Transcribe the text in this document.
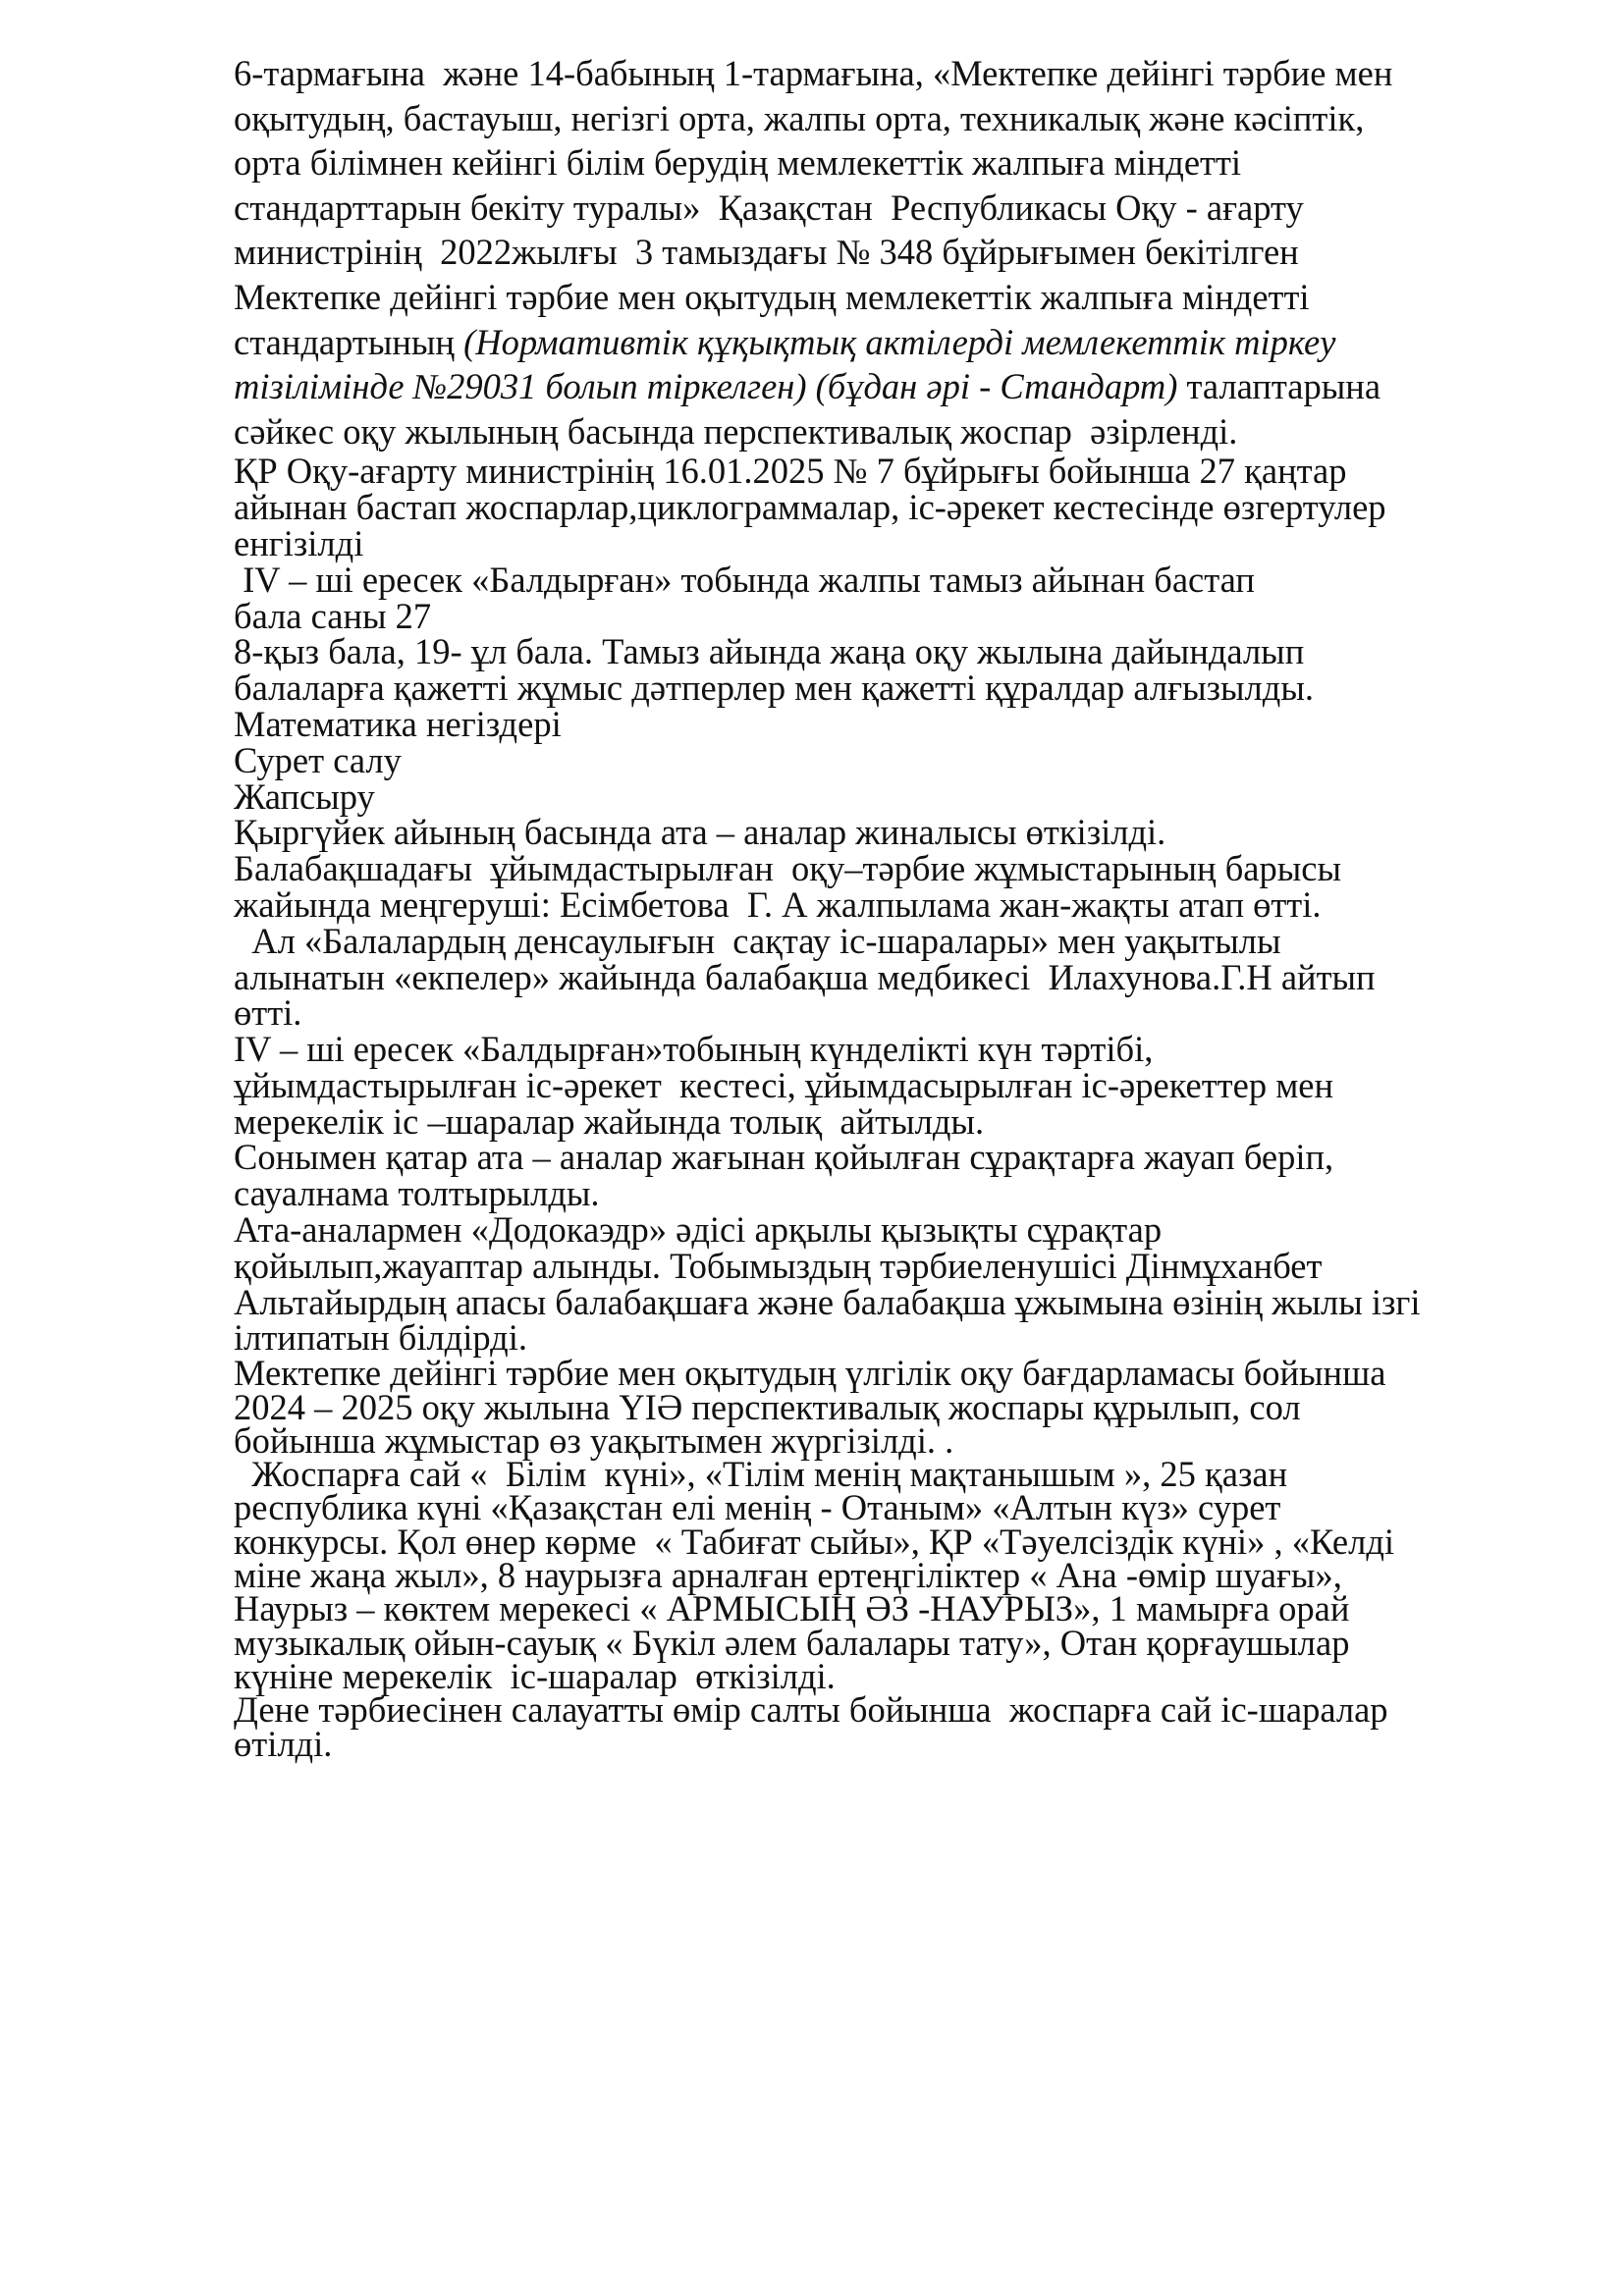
6-тармағына  және 14-бабының 1-тармағына, «Мектепке дейінгі тәрбие мен
оқытудың, бастауыш, негізгі орта, жалпы орта, техникалық және кәсіптік,
орта білімнен кейінгі білім берудің мемлекеттік жалпыға міндетті
стандарттарын бекіту туралы»  Қазақстан  Республикасы Оқу - ағарту
министрінің  2022жылғы  3 тамыздағы № 348 бұйрығымен бекітілген
Мектепке дейінгі тәрбие мен оқытудың мемлекеттік жалпыға міндетті
стандартының (Нормативтік құқықтық актілерді мемлекеттік тіркеу
тізілімінде №29031 болып тіркелген) (бұдан әрі - Стандарт) талаптарына
сәйкес оқу жылының басында перспективалық жоспар  әзірленді.
ҚР Оқу-ағарту министрінің 16.01.2025 № 7 бұйрығы бойынша 27 қаңтар
айынан бастап жоспарлар,циклограммалар, іс-әрекет кестесінде өзгертулер
енгізілді
IV – ші ересек «Балдырған» тобында жалпы тамыз айынан бастап
бала саны 27
8-қыз бала, 19- ұл бала. Тамыз айында жаңа оқу жылына дайындалып
балаларға қажетті жұмыс дәтперлер мен қажетті құралдар алғызылды.
Математика негіздері
Сурет салу
Жапсыру
Қыргүйек айының басында ата – аналар жиналысы өткізілді.
Балабақшадағы  ұйымдастырылған  оқу–тәрбие жұмыстарының барысы
жайында меңгеруші: Есімбетова  Г. А жалпылама жан-жақты атап өтті.
Ал «Балалардың денсаулығын  сақтау іс-шаралары» мен уақытылы
алынатын «екпелер» жайында балабақша медбикесі  Илахунова.Г.Н айтып
өтті.
IV – ші ересек «Балдырған»тобының күнделікті күн тәртібі,
ұйымдастырылған іс-әрекет  кестесі, ұйымдасырылған іс-әрекеттер мен
мерекелік іс –шаралар жайында толық  айтылды.
Сонымен қатар ата – аналар жағынан қойылған сұрақтарға жауап беріп,
сауалнама толтырылды.
Ата-аналармен «Додокаэдр» әдісі арқылы қызықты сұрақтар
қойылып,жауаптар алынды. Тобымыздың тәрбиеленушісі Дінмұханбет
Альтайырдың апасы балабақшаға және балабақша ұжымына өзінің жылы ізгі
ілтипатын білдірді.
Мектепке дейінгі тәрбие мен оқытудың үлгілік оқу бағдарламасы бойынша
2024 – 2025 оқу жылына ҮІӘ перспективалық жоспары құрылып, сол
бойынша жұмыстар өз уақытымен жүргізілді. .
Жоспарға сай «  Білім  күні», «Тілім менің мақтанышым », 25 қазан
республика күні «Қазақстан елі менің - Отаным» «Алтын күз» сурет
конкурсы. Қол өнер көрме  « Табиғат сыйы», ҚР «Тәуелсіздік күні» , «Келді
міне жаңа жыл», 8 наурызға арналған ертеңгіліктер « Ана -өмір шуағы»,
Наурыз – көктем мерекесі « АРМЫСЫҢ ӘЗ -НАУРЫЗ», 1 мамырға орай
музыкалық ойын-сауық « Бүкіл әлем балалары тату», Отан қорғаушылар
күніне мерекелік  іс-шаралар  өткізілді.
Дене тәрбиесінен салауатты өмір салты бойынша  жоспарға сай іс-шаралар
өтілді.
